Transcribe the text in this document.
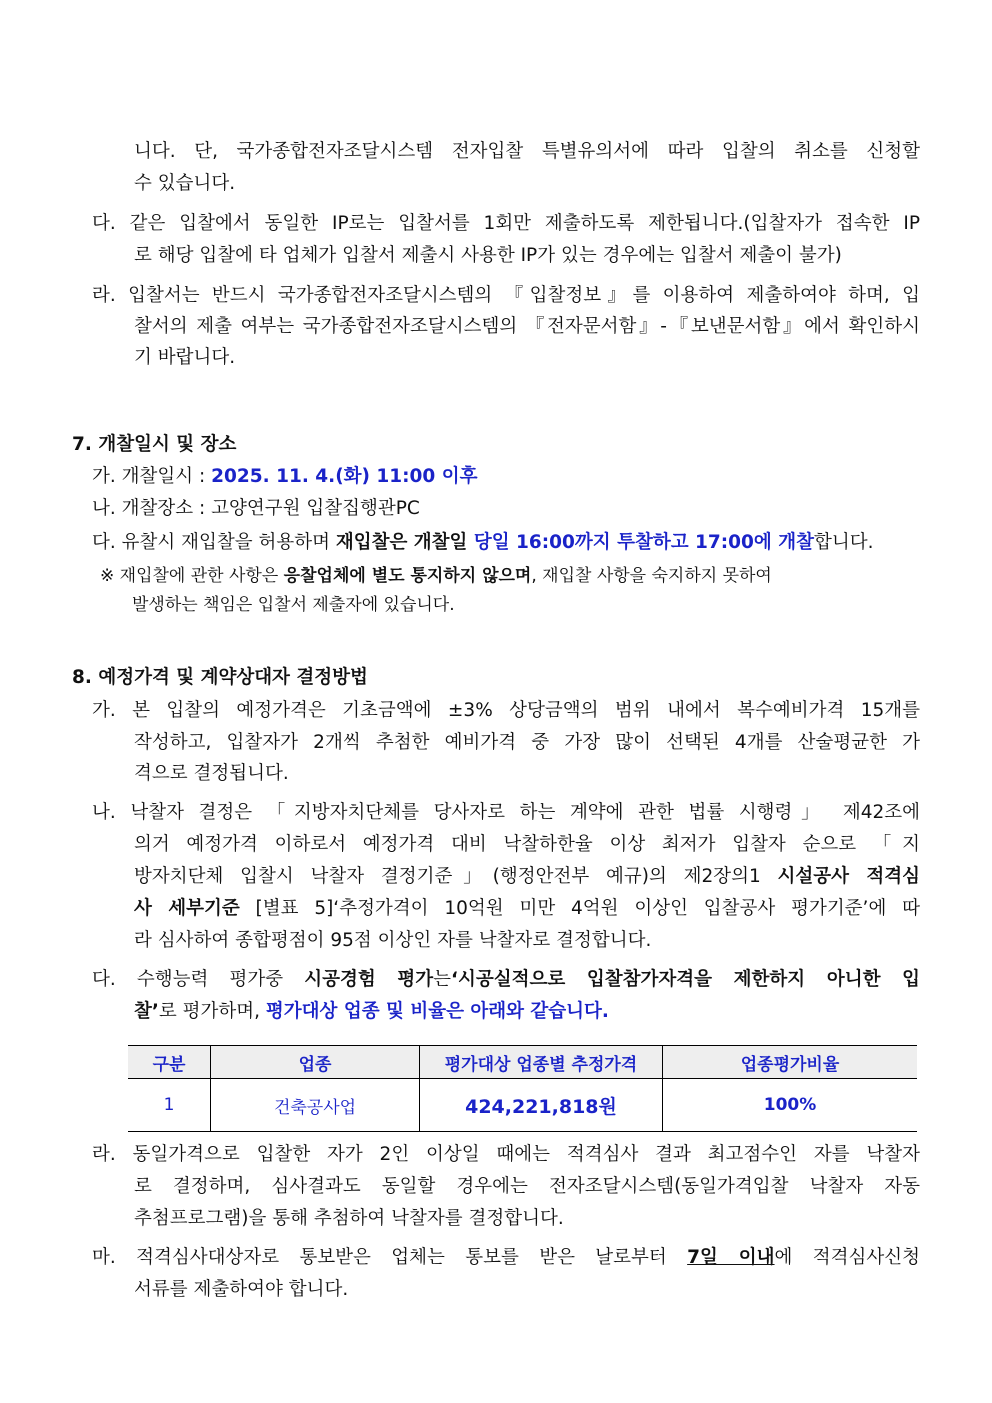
니다. 단, 국가종합전자조달시스템 전자입찰 특별유의서에 따라 입찰의 취소를 신청할
수 있습니다.
다. 같은 입찰에서 동일한 IP로는 입찰서를 1회만 제출하도록 제한됩니다.(입찰자가 접속한 IP
로 해당 입찰에 타 업체가 입찰서 제출시 사용한 IP가 있는 경우에는 입찰서 제출이 불가)
라. 입찰서는 반드시 국가종합전자조달시스템의 『입찰정보』를 이용하여 제출하여야 하며, 입
찰서의 제출 여부는 국가종합전자조달시스템의 『전자문서함』-『보낸문서함』에서 확인하시
기 바랍니다.
7. 개찰일시 및 장소
가. 개찰일시 : 2025. 11. 4.(화) 11:00 이후
나. 개찰장소 : 고양연구원 입찰집행관PC
다. 유찰시 재입찰을 허용하며 재입찰은 개찰일 당일 16:00까지 투찰하고 17:00에 개찰합니다.
※ 재입찰에 관한 사항은 응찰업체에 별도 통지하지 않으며, 재입찰 사항을 숙지하지 못하여
발생하는 책임은 입찰서 제출자에 있습니다.
8. 예정가격 및 계약상대자 결정방법
가. 본 입찰의 예정가격은 기초금액에 ±3% 상당금액의 범위 내에서 복수예비가격 15개를
작성하고, 입찰자가 2개씩 추첨한 예비가격 중 가장 많이 선택된 4개를 산술평균한 가
격으로 결정됩니다.
나. 낙찰자 결정은 「지방자치단체를 당사자로 하는 계약에 관한 법률 시행령」 제42조에
의거 예정가격 이하로서 예정가격 대비 낙찰하한율 이상 최저가 입찰자 순으로 「지
방자치단체 입찰시 낙찰자 결정기준」(행정안전부 예규)의 제2장의1 시설공사 적격심
사 세부기준 [별표 5]‘추정가격이 10억원 미만 4억원 이상인 입찰공사 평가기준’에 따
라 심사하여 종합평점이 95점 이상인 자를 낙찰자로 결정합니다.
다. 수행능력 평가중 시공경험 평가는‘시공실적으로 입찰참가자격을 제한하지 아니한 입
찰’로 평가하며, 평가대상 업종 및 비율은 아래와 같습니다.
구분	업종	평가대상 업종별 추정가격	업종평가비율
1	건축공사업	424,221,818원	100%
라. 동일가격으로 입찰한 자가 2인 이상일 때에는 적격심사 결과 최고점수인 자를 낙찰자
로 결정하며, 심사결과도 동일할 경우에는 전자조달시스템(동일가격입찰 낙찰자 자동
추첨프로그램)을 통해 추첨하여 낙찰자를 결정합니다.
마. 적격심사대상자로 통보받은 업체는 통보를 받은 날로부터 7일 이내에 적격심사신청
서류를 제출하여야 합니다.
